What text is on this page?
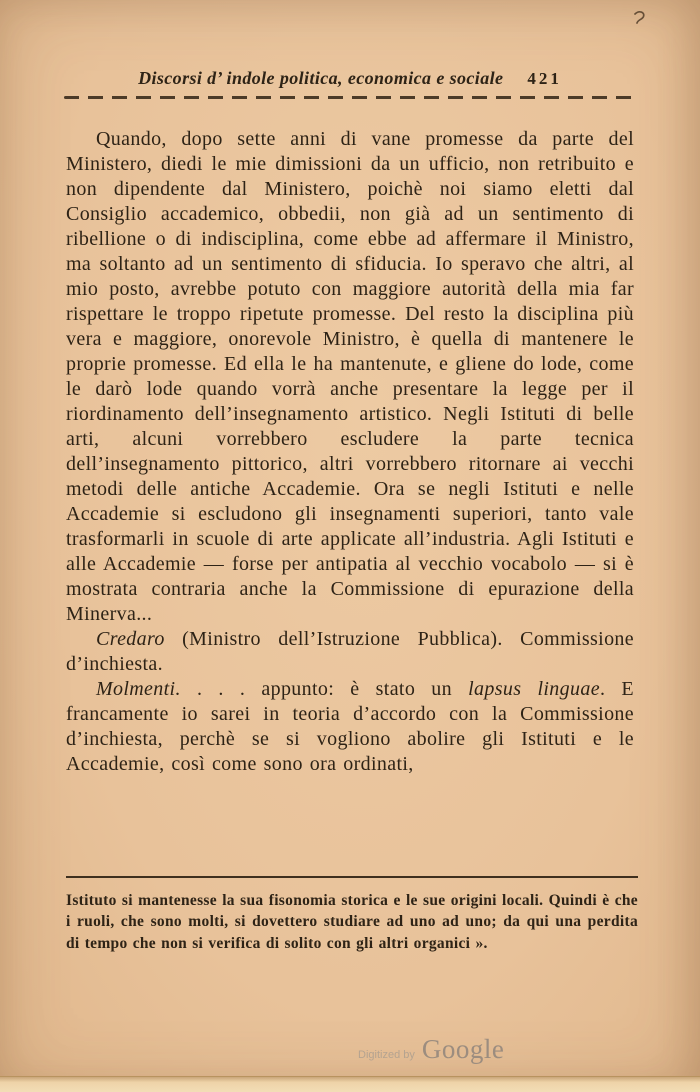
Discorsi d’ indole politica, economica e sociale 421

Quando, dopo sette anni di vane promesse da parte del Ministero, diedi le mie dimissioni da un ufficio, non retribuito e non dipendente dal Ministero, poichè noi siamo eletti dal Consiglio accademico, obbedii, non già ad un sentimento di ribellione o di indisciplina, come ebbe ad affermare il Ministro, ma soltanto ad un sentimento di sfiducia. Io speravo che altri, al mio posto, avrebbe potuto con maggiore autorità della mia far rispettare le troppo ripetute promesse. Del resto la disciplina più vera e maggiore, onorevole Ministro, è quella di mantenere le proprie promesse. Ed ella le ha mantenute, e gliene do lode, come le darò lode quando vorrà anche presentare la legge per il riordinamento dell’insegnamento artistico. Negli Istituti di belle arti, alcuni vorrebbero escludere la parte tecnica dell’insegnamento pittorico, altri vorrebbero ritornare ai vecchi metodi delle antiche Accademie. Ora se negli Istituti e nelle Accademie si escludono gli insegnamenti superiori, tanto vale trasformarli in scuole di arte applicate all’industria. Agli Istituti e alle Accademie — forse per antipatia al vecchio vocabolo — si è mostrata contraria anche la Commissione di epurazione della Minerva...

Credaro (Ministro dell’Istruzione Pubblica). Commissione d’inchiesta.

Molmenti. . . . appunto: è stato un lapsus linguae. E francamente io sarei in teoria d’accordo con la Commissione d’inchiesta, perchè se si vogliono abolire gli Istituti e le Accademie, così come sono ora ordinati,

Istituto si mantenesse la sua fisonomia storica e le sue origini locali. Quindi è che i ruoli, che sono molti, si dovettero studiare ad uno ad uno; da qui una perdita di tempo che non si verifica di solito con gli altri organici ».
Digitized by Google
